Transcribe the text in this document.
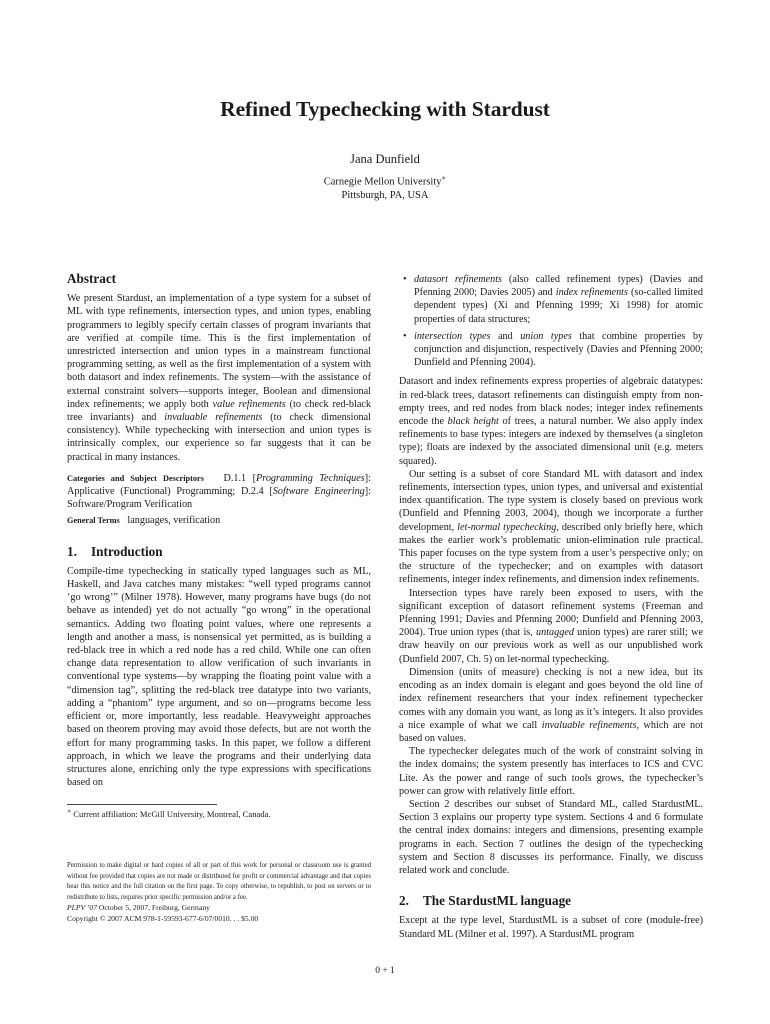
Refined Typechecking with Stardust
Jana Dunfield
Carnegie Mellon University∗
Pittsburgh, PA, USA
Abstract

We present Stardust, an implementation of a type system for a subset of ML with type refinements, intersection types, and union types, enabling programmers to legibly specify certain classes of program invariants that are verified at compile time. This is the first implementation of unrestricted intersection and union types in a mainstream functional programming setting, as well as the first implementation of a system with both datasort and index refinements. The system—with the assistance of external constraint solvers—supports integer, Boolean and dimensional index refinements; we apply both value refinements (to check red-black tree invariants) and invaluable refinements (to check dimensional consistency). While typechecking with intersection and union types is intrinsically complex, our experience so far suggests that it can be practical in many instances.

Categories and Subject Descriptors D.1.1 [Programming Techniques]: Applicative (Functional) Programming; D.2.4 [Software Engineering]: Software/Program Verification

General Terms languages, verification

1. Introduction

Compile-time typechecking in statically typed languages such as ML, Haskell, and Java catches many mistakes: “well typed programs cannot ‘go wrong’” (Milner 1978). However, many programs have bugs (do not behave as intended) yet do not actually “go wrong” in the operational semantics. Adding two floating point values, where one represents a length and another a mass, is nonsensical yet permitted, as is building a red-black tree in which a red node has a red child. While one can often change data representation to allow verification of such invariants in conventional type systems—by wrapping the floating point value with a “dimension tag”, splitting the red-black tree datatype into two variants, adding a “phantom” type argument, and so on—programs become less efficient or, more importantly, less readable. Heavyweight approaches based on theorem proving may avoid those defects, but are not worth the effort for many programming tasks. In this paper, we follow a different approach, in which we leave the programs and their underlying data structures alone, enriching only the type expressions with specifications based on

∗ Current affiliation: McGill University, Montreal, Canada.
Permission to make digital or hard copies of all or part of this work for personal or classroom use is granted without fee provided that copies are not made or distributed for profit or commercial advantage and that copies bear this notice and the full citation on the first page. To copy otherwise, to republish, to post on servers or to redistribute to lists, requires prior specific permission and/or a fee.
PLPV ’07 October 5, 2007, Freiburg, Germany
Copyright © 2007 ACM 978-1-59593-677-6/07/0010. . . $5.00
• datasort refinements (also called refinement types) (Davies and Pfenning 2000; Davies 2005) and index refinements (so-called limited dependent types) (Xi and Pfenning 1999; Xi 1998) for atomic properties of data structures;
• intersection types and union types that combine properties by conjunction and disjunction, respectively (Davies and Pfenning 2000; Dunfield and Pfenning 2004).

Datasort and index refinements express properties of algebraic datatypes: in red-black trees, datasort refinements can distinguish empty from non-empty trees, and red nodes from black nodes; integer index refinements encode the black height of trees, a natural number. We also apply index refinements to base types: integers are indexed by themselves (a singleton type); floats are indexed by the associated dimensional unit (e.g. meters squared).

Our setting is a subset of core Standard ML with datasort and index refinements, intersection types, union types, and universal and existential index quantification. The type system is closely based on previous work (Dunfield and Pfenning 2003, 2004), though we incorporate a further development, let-normal typechecking, described only briefly here, which makes the earlier work’s problematic union-elimination rule practical. This paper focuses on the type system from a user’s perspective only; on the structure of the typechecker; and on examples with datasort refinements, integer index refinements, and dimension index refinements.

Intersection types have rarely been exposed to users, with the significant exception of datasort refinement systems (Freeman and Pfenning 1991; Davies and Pfenning 2000; Dunfield and Pfenning 2003, 2004). True union types (that is, untagged union types) are rarer still; we draw heavily on our previous work as well as our unpublished work (Dunfield 2007, Ch. 5) on let-normal typechecking.

Dimension (units of measure) checking is not a new idea, but its encoding as an index domain is elegant and goes beyond the old line of index refinement researchers that your index refinement typechecker comes with any domain you want, as long as it’s integers. It also provides a nice example of what we call invaluable refinements, which are not based on values.

The typechecker delegates much of the work of constraint solving in the index domains; the system presently has interfaces to ICS and CVC Lite. As the power and range of such tools grows, the typechecker’s power can grow with relatively little effort.

Section 2 describes our subset of Standard ML, called StardustML. Section 3 explains our property type system. Sections 4 and 6 formulate the central index domains: integers and dimensions, presenting example programs in each. Section 7 outlines the design of the typechecking system and Section 8 discusses its performance. Finally, we discuss related work and conclude.

2. The StardustML language

Except at the type level, StardustML is a subset of core (module-free) Standard ML (Milner et al. 1997). A StardustML program

0 + 1
